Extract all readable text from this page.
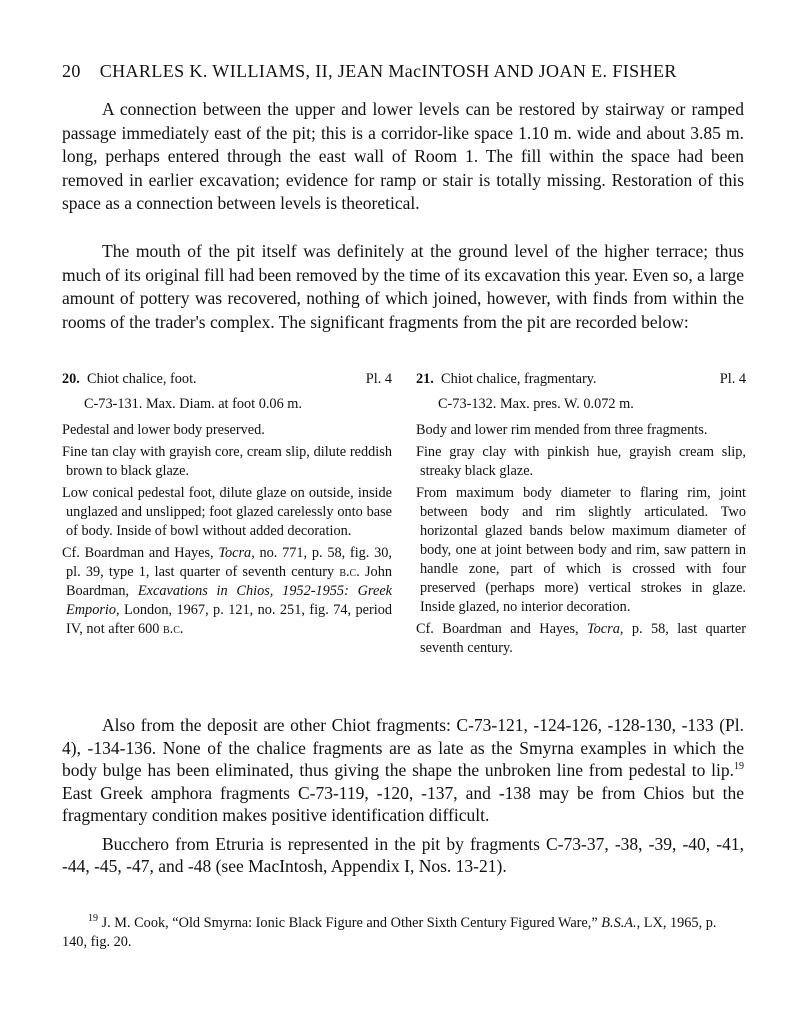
20 CHARLES K. WILLIAMS, II, JEAN MacINTOSH AND JOAN E. FISHER

A connection between the upper and lower levels can be restored by stairway or ramped passage immediately east of the pit; this is a corridor-like space 1.10 m. wide and about 3.85 m. long, perhaps entered through the east wall of Room 1. The fill within the space had been removed in earlier excavation; evidence for ramp or stair is totally missing. Restoration of this space as a connection between levels is theoretical.

The mouth of the pit itself was definitely at the ground level of the higher terrace; thus much of its original fill had been removed by the time of its excavation this year. Even so, a large amount of pottery was recovered, nothing of which joined, however, with finds from within the rooms of the trader's complex. The significant fragments from the pit are recorded below:

20. Chiot chalice, foot.	Pl. 4
C-73-131. Max. Diam. at foot 0.06 m.

Pedestal and lower body preserved.

Fine tan clay with grayish core, cream slip, dilute reddish brown to black glaze.

Low conical pedestal foot, dilute glaze on outside, inside unglazed and unslipped; foot glazed carelessly onto base of body. Inside of bowl without added decoration.

Cf. Boardman and Hayes, Tocra, no. 771, p. 58, fig. 30, pl. 39, type 1, last quarter of seventh century b.c. John Boardman, Excavations in Chios, 1952-1955: Greek Emporio, London, 1967, p. 121, no. 251, fig. 74, period IV, not after 600 b.c.

21. Chiot chalice, fragmentary.	Pl. 4
C-73-132. Max. pres. W. 0.072 m.

Body and lower rim mended from three fragments.

Fine gray clay with pinkish hue, grayish cream slip, streaky black glaze.

From maximum body diameter to flaring rim, joint between body and rim slightly articulated. Two horizontal glazed bands below maximum diameter of body, one at joint between body and rim, saw pattern in handle zone, part of which is crossed with four preserved (perhaps more) vertical strokes in glaze. Inside glazed, no interior decoration.

Cf. Boardman and Hayes, Tocra, p. 58, last quarter seventh century.

Also from the deposit are other Chiot fragments: C-73-121, -124-126, -128-130, -133 (Pl. 4), -134-136. None of the chalice fragments are as late as the Smyrna examples in which the body bulge has been eliminated, thus giving the shape the unbroken line from pedestal to lip.$^{19}$ East Greek amphora fragments C-73-119, -120, -137, and -138 may be from Chios but the fragmentary condition makes positive identification difficult.

Bucchero from Etruria is represented in the pit by fragments C-73-37, -38, -39, -40, -41, -44, -45, -47, and -48 (see MacIntosh, Appendix I, Nos. 13-21).

$^{19}$ J. M. Cook, “Old Smyrna: Ionic Black Figure and Other Sixth Century Figured Ware,” B.S.A., LX, 1965, p. 140, fig. 20.
